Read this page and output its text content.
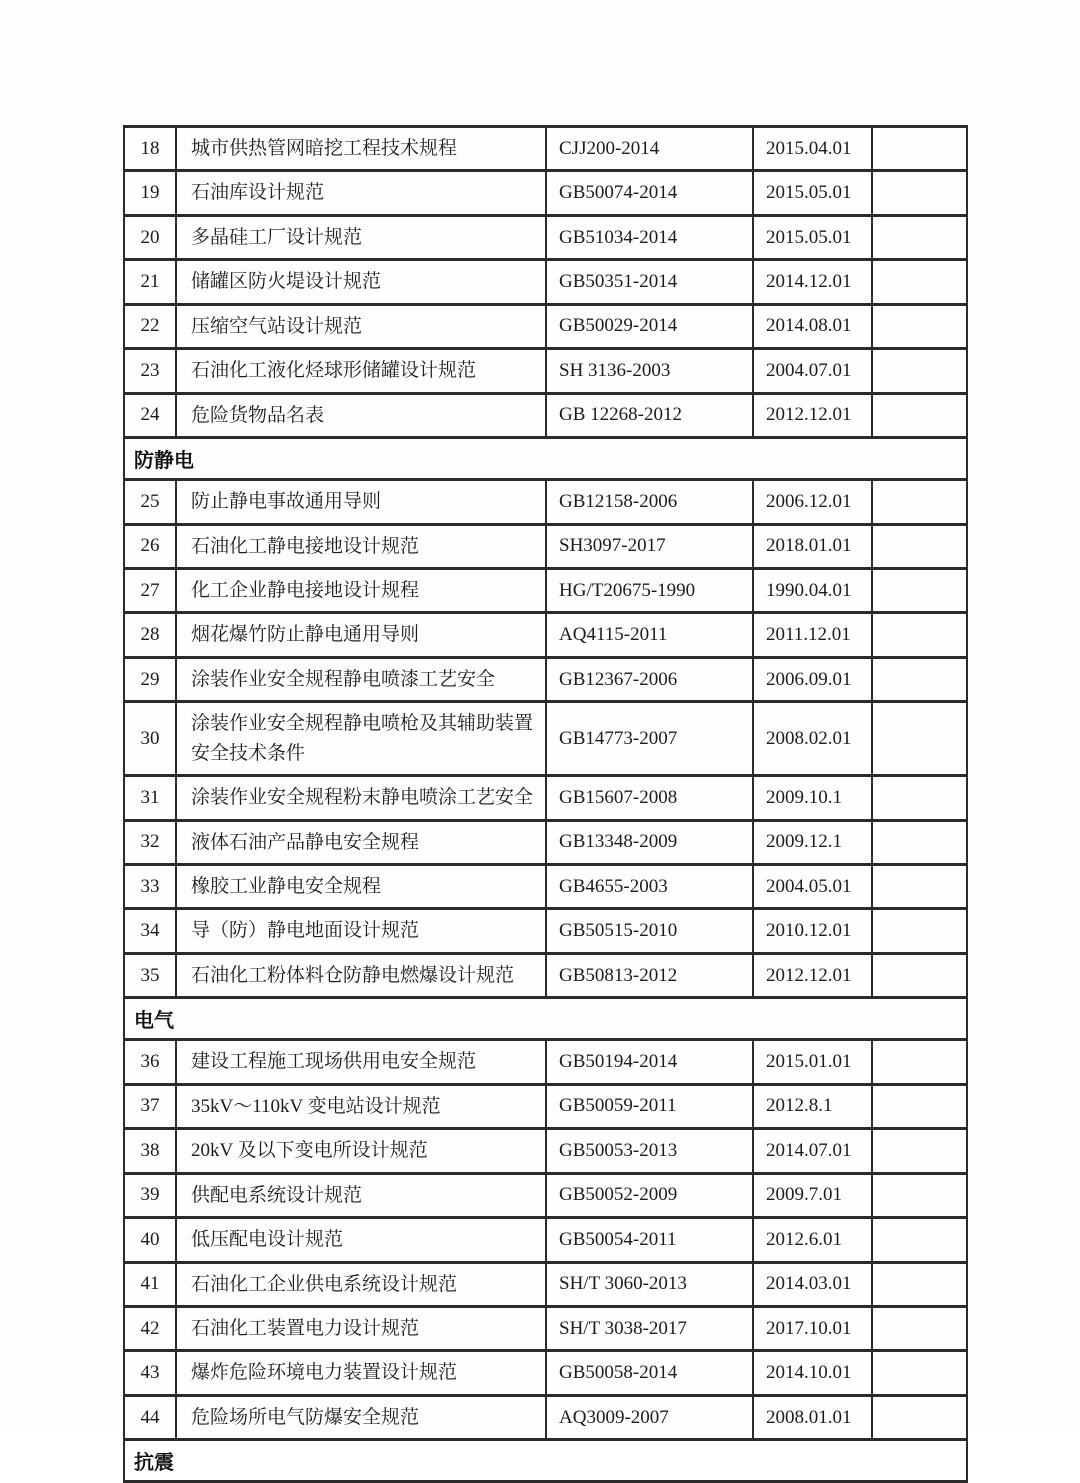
18	城市供热管网暗挖工程技术规程	CJJ200-2014	2015.04.01	
19	石油库设计规范	GB50074-2014	2015.05.01	
20	多晶硅工厂设计规范	GB51034-2014	2015.05.01	
21	储罐区防火堤设计规范	GB50351-2014	2014.12.01	
22	压缩空气站设计规范	GB50029-2014	2014.08.01	
23	石油化工液化烃球形储罐设计规范	SH 3136-2003	2004.07.01	
24	危险货物品名表	GB 12268-2012	2012.12.01	
防静电				
25	防止静电事故通用导则	GB12158-2006	2006.12.01	
26	石油化工静电接地设计规范	SH3097-2017	2018.01.01	
27	化工企业静电接地设计规程	HG/T20675-1990	1990.04.01	
28	烟花爆竹防止静电通用导则	AQ4115-2011	2011.12.01	
29	涂装作业安全规程静电喷漆工艺安全	GB12367-2006	2006.09.01	
30	涂装作业安全规程静电喷枪及其辅助装置安全技术条件	GB14773-2007	2008.02.01	
31	涂装作业安全规程粉末静电喷涂工艺安全	GB15607-2008	2009.10.1	
32	液体石油产品静电安全规程	GB13348-2009	2009.12.1	
33	橡胶工业静电安全规程	GB4655-2003	2004.05.01	
34	导（防）静电地面设计规范	GB50515-2010	2010.12.01	
35	石油化工粉体料仓防静电燃爆设计规范	GB50813-2012	2012.12.01	
电气				
36	建设工程施工现场供用电安全规范	GB50194-2014	2015.01.01	
37	35kV～110kV 变电站设计规范	GB50059-2011	2012.8.1	
38	20kV 及以下变电所设计规范	GB50053-2013	2014.07.01	
39	供配电系统设计规范	GB50052-2009	2009.7.01	
40	低压配电设计规范	GB50054-2011	2012.6.01	
41	石油化工企业供电系统设计规范	SH/T 3060-2013	2014.03.01	
42	石油化工装置电力设计规范	SH/T 3038-2017	2017.10.01	
43	爆炸危险环境电力装置设计规范	GB50058-2014	2014.10.01	
44	危险场所电气防爆安全规范	AQ3009-2007	2008.01.01	
抗震				
